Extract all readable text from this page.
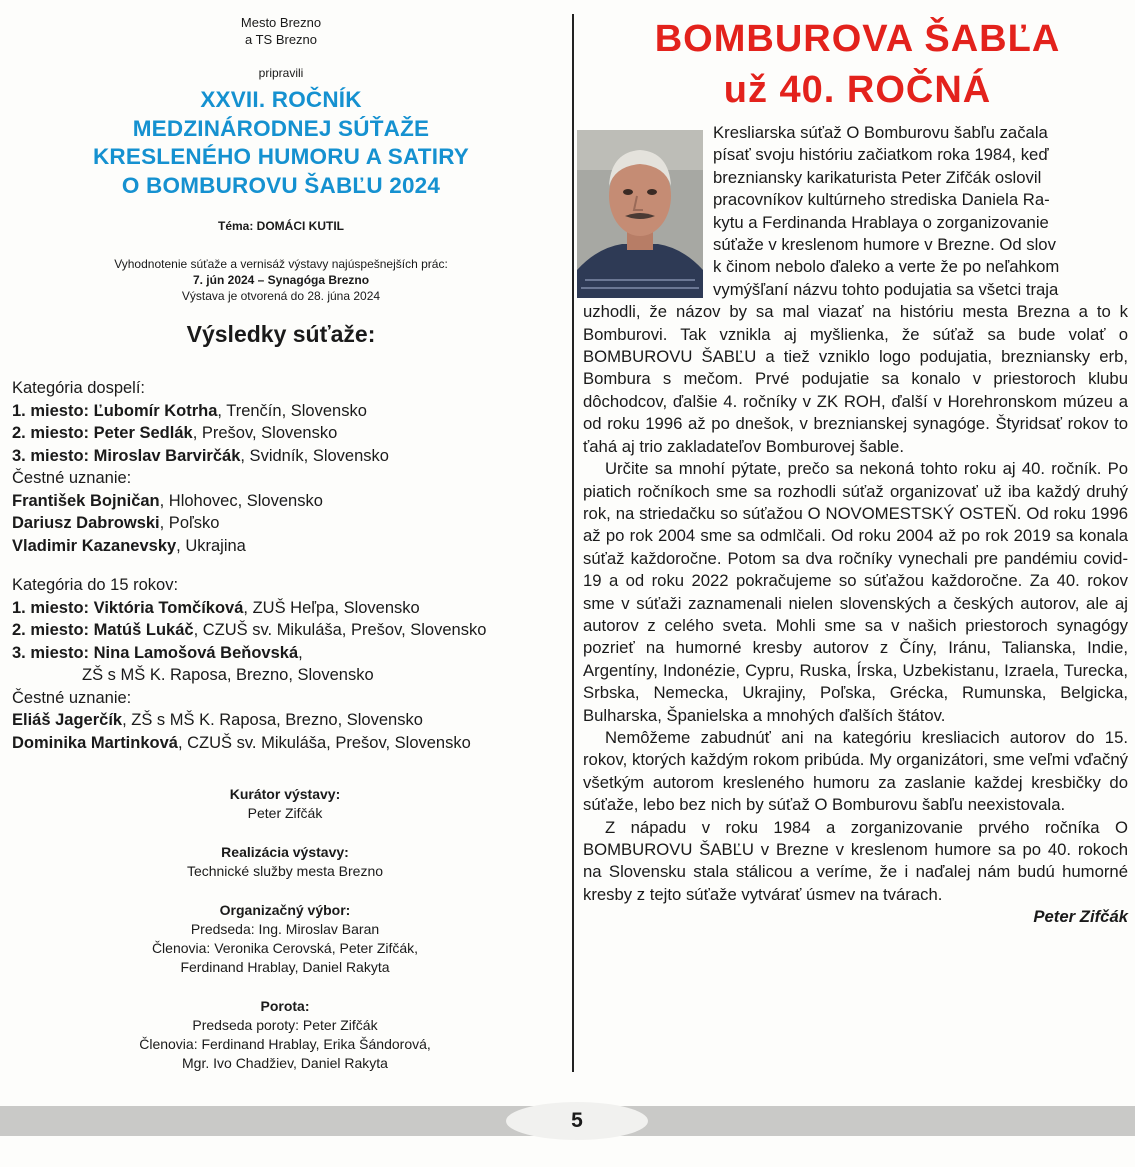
Mesto Brezno
a TS Brezno
pripravili
XXVII. ROČNÍK
MEDZINÁRODNEJ SÚŤAŽE
KRESLENÉHO HUMORU A SATIRY
O BOMBUROVU ŠABĽU 2024
Téma: DOMÁCI KUTIL
Vyhodnotenie súťaže a vernisáž výstavy najúspešnejších prác:
7. jún 2024 – Synagóga Brezno
Výstava je otvorená do 28. júna 2024
Výsledky súťaže:
Kategória dospelí:
1. miesto: Ľubomír Kotrha, Trenčín, Slovensko
2. miesto: Peter Sedlák, Prešov, Slovensko
3. miesto: Miroslav Barvirčák, Svidník, Slovensko
Čestné uznanie:
František Bojničan, Hlohovec, Slovensko
Dariusz Dabrowski, Poľsko
Vladimir Kazanevsky, Ukrajina
Kategória do 15 rokov:
1. miesto: Viktória Tomčíková, ZUŠ Heľpa, Slovensko
2. miesto: Matúš Lukáč, CZUŠ sv. Mikuláša, Prešov, Slovensko
3. miesto: Nina Lamošová Beňovská,
ZŠ s MŠ K. Raposa, Brezno, Slovensko
Čestné uznanie:
Eliáš Jagerčík, ZŠ s MŠ K. Raposa, Brezno, Slovensko
Dominika Martinková, CZUŠ sv. Mikuláša, Prešov, Slovensko
Kurátor výstavy:
Peter Zifčák
Realizácia výstavy:
Technické služby mesta Brezno
Organizačný výbor:
Predseda: Ing. Miroslav Baran
Členovia: Veronika Cerovská, Peter Zifčák,
Ferdinand Hrablay, Daniel Rakyta
Porota:
Predseda poroty: Peter Zifčák
Členovia: Ferdinand Hrablay, Erika Šándorová,
Mgr. Ivo Chadžiev, Daniel Rakyta
BOMBUROVA ŠABĽA
už 40. ROČNÁ

Kresliarska súťaž O Bomburovu šabľu začala

písať svoju históriu začiatkom roka 1984, keď

brezniansky karikaturista Peter Zifčák oslovil

pracovníkov kultúrneho strediska Daniela Ra-

kytu a Ferdinanda Hrablaya o zorganizovanie

súťaže v kreslenom humore v Brezne. Od slov

k činom nebolo ďaleko a verte že po neľahkom

vymýšľaní názvu tohto podujatia sa všetci traja

uzhodli, že názov by sa mal viazať na históriu mesta Brezna a to k Bomburovi. Tak vznikla aj myšlienka, že súťaž sa bude volať o BOMBUROVU ŠABĽU a tiež vzniklo logo podujatia, brezniansky erb, Bombura s mečom. Prvé podujatie sa konalo v priestoroch klubu dôchodcov, ďalšie 4. ročníky v ZK ROH, ďalší v Horehronskom múzeu a od roku 1996 až po dnešok, v breznianskej synagóge. Štyridsať rokov to ťahá aj trio zakladateľov Bomburovej šable.

Určite sa mnohí pýtate, prečo sa nekoná tohto roku aj 40. ročník. Po piatich ročníkoch sme sa rozhodli súťaž organizovať už iba každý druhý rok, na striedačku so súťažou O NOVOMESTSKÝ OSTEŇ. Od roku 1996 až po rok 2004 sme sa odmlčali. Od roku 2004 až po rok 2019 sa konala súťaž každoročne. Potom sa dva ročníky vynechali pre pandémiu covid-19 a od roku 2022 pokračujeme so súťažou každoročne. Za 40. rokov sme v súťaži zaznamenali nielen slovenských a českých autorov, ale aj autorov z celého sveta. Mohli sme sa v našich priestoroch synagógy pozrieť na humorné kresby autorov z Číny, Iránu, Talianska, Indie, Argentíny, Indonézie, Cypru, Ruska, Írska, Uzbekistanu, Izraela, Turecka, Srbska, Nemecka, Ukrajiny, Poľska, Grécka, Rumunska, Belgicka, Bulharska, Španielska a mnohých ďalších štátov.

Nemôžeme zabudnúť ani na kategóriu kresliacich autorov do 15. rokov, ktorých každým rokom pribúda. My organizátori, sme veľmi vďačný všetkým autorom kresleného humoru za zaslanie každej kresbičky do súťaže, lebo bez nich by súťaž O Bomburovu šabľu neexistovala.

Z nápadu v roku 1984 a zorganizovanie prvého ročníka O BOMBUROVU ŠABĽU v Brezne v kreslenom humore sa po 40. rokoch na Slovensku stala stálicou a veríme, že i naďalej nám budú humorné kresby z tejto súťaže vytvárať úsmev na tvárach.

Peter Zifčák
5
